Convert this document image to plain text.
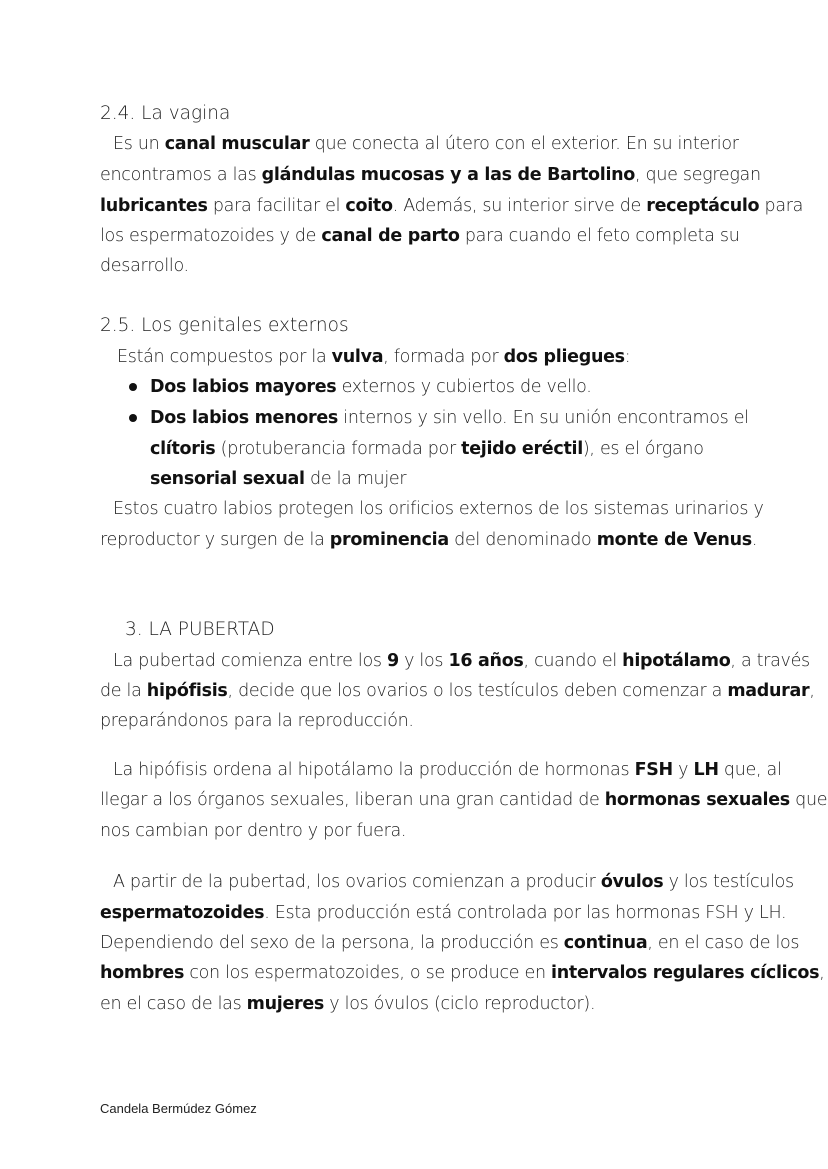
2.4. La vagina
Es un canal muscular que conecta al útero con el exterior. En su interior
encontramos a las glándulas mucosas y a las de Bartolino, que segregan
lubricantes para facilitar el coito. Además, su interior sirve de receptáculo para
los espermatozoides y de canal de parto para cuando el feto completa su
desarrollo.
2.5. Los genitales externos
Están compuestos por la vulva, formada por dos pliegues:
Dos labios mayores externos y cubiertos de vello.
Dos labios menores internos y sin vello. En su unión encontramos el
clítoris (protuberancia formada por tejido eréctil), es el órgano
sensorial sexual de la mujer
Estos cuatro labios protegen los orificios externos de los sistemas urinarios y
reproductor y surgen de la prominencia del denominado monte de Venus.
3. LA PUBERTAD
La pubertad comienza entre los 9 y los 16 años, cuando el hipotálamo, a través
de la hipófisis, decide que los ovarios o los testículos deben comenzar a madurar,
preparándonos para la reproducción.
La hipófisis ordena al hipotálamo la producción de hormonas FSH y LH que, al
llegar a los órganos sexuales, liberan una gran cantidad de hormonas sexuales que
nos cambian por dentro y por fuera.
A partir de la pubertad, los ovarios comienzan a producir óvulos y los testículos
espermatozoides. Esta producción está controlada por las hormonas FSH y LH.
Dependiendo del sexo de la persona, la producción es continua, en el caso de los
hombres con los espermatozoides, o se produce en intervalos regulares cíclicos,
en el caso de las mujeres y los óvulos (ciclo reproductor).
Candela Bermúdez Gómez
